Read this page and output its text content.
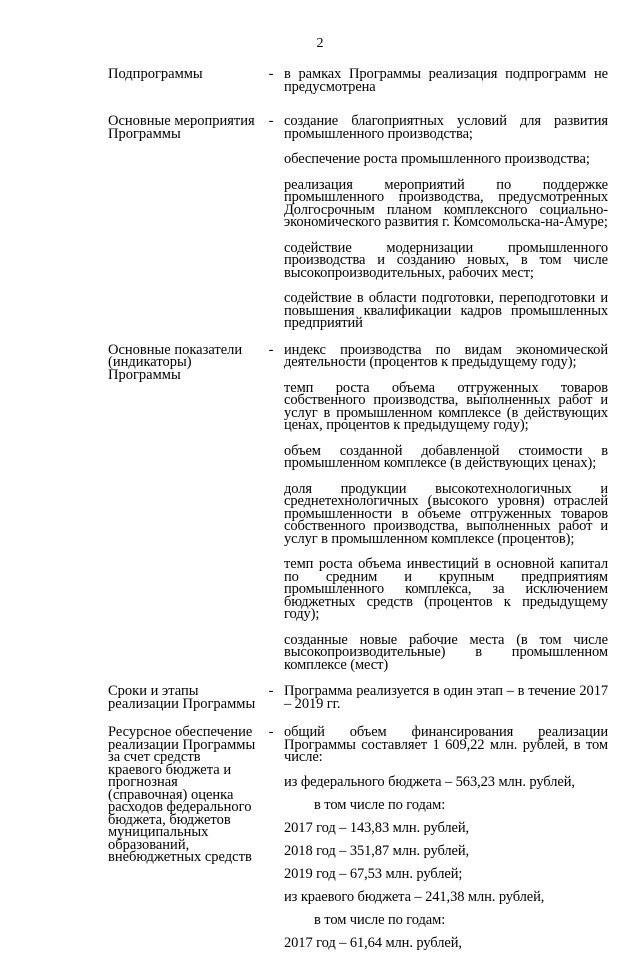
2
Подпрограммы	- в рамках Программы реализация подпрограмм не предусмотрена
Основные мероприятия Программы
- создание благоприятных условий для развития промышленного производства;
обеспечение роста промышленного производства;
реализация мероприятий по поддержке промышленного производства, предусмотренных Долгосрочным планом комплексного социально-экономического развития г. Комсомольска-на-Амуре;
содействие модернизации промышленного производства и созданию новых, в том числе высокопроизводительных, рабочих мест;
содействие в области подготовки, переподготовки и повышения квалификации кадров промышленных предприятий
Основные показатели (индикаторы) Программы
- индекс производства по видам экономической деятельности (процентов к предыдущему году);
темп роста объема отгруженных товаров собственного производства, выполненных работ и услуг в промышленном комплексе (в действующих ценах, процентов к предыдущему году);
объем созданной добавленной стоимости в промышленном комплексе (в действующих ценах);
доля продукции высокотехнологичных и среднетехнологичных (высокого уровня) отраслей промышленности в объеме отгруженных товаров собственного производства, выполненных работ и услуг в промышленном комплексе (процентов);
темп роста объема инвестиций в основной капитал по средним и крупным предприятиям промышленного комплекса, за исключением бюджетных средств (процентов к предыдущему году);
созданные новые рабочие места (в том числе высокопроизводительные) в промышленном комплексе (мест)
Сроки и этапы реализации Программы
- Программа реализуется в один этап – в течение 2017 – 2019 гг.
Ресурсное обеспечение реализации Программы за счет средств краевого бюджета и прогнозная (справочная) оценка расходов федерального бюджета, бюджетов муниципальных образований, внебюджетных средств
- общий объем финансирования реализации Программы составляет 1 609,22 млн. рублей, в том числе:
из федерального бюджета – 563,23 млн. рублей,
в том числе по годам:
2017 год – 143,83 млн. рублей,
2018 год – 351,87 млн. рублей,
2019 год – 67,53 млн. рублей;
из краевого бюджета – 241,38 млн. рублей,
в том числе по годам:
2017 год – 61,64 млн. рублей,
